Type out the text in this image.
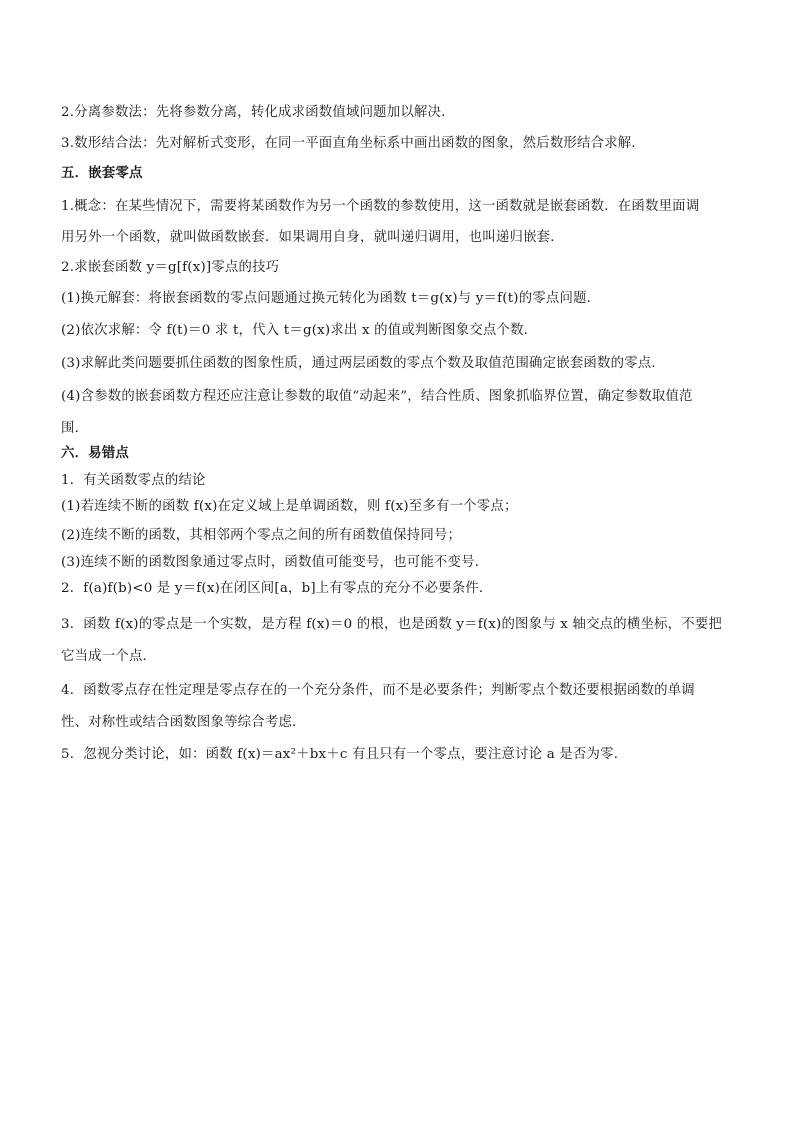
2.分离参数法：先将参数分离，转化成求函数值域问题加以解决．
3.数形结合法：先对解析式变形，在同一平面直角坐标系中画出函数的图象，然后数形结合求解．
五．嵌套零点
1.概念：在某些情况下，需要将某函数作为另一个函数的参数使用，这一函数就是嵌套函数．在函数里面调
用另外一个函数，就叫做函数嵌套．如果调用自身，就叫递归调用，也叫递归嵌套．
2.求嵌套函数 y＝g[f(x)]零点的技巧
(1)换元解套：将嵌套函数的零点问题通过换元转化为函数 t＝g(x)与 y＝f(t)的零点问题．
(2)依次求解：令 f(t)＝0 求 t，代入 t＝g(x)求出 x 的值或判断图象交点个数．
(3)求解此类问题要抓住函数的图象性质，通过两层函数的零点个数及取值范围确定嵌套函数的零点．
(4)含参数的嵌套函数方程还应注意让参数的取值“动起来”，结合性质、图象抓临界位置，确定参数取值范
围．
六．易错点
1．有关函数零点的结论
(1)若连续不断的函数 f(x)在定义域上是单调函数，则 f(x)至多有一个零点；
(2)连续不断的函数，其相邻两个零点之间的所有函数值保持同号；
(3)连续不断的函数图象通过零点时，函数值可能变号，也可能不变号．
2．f(a)f(b)<0 是 y＝f(x)在闭区间[a，b]上有零点的充分不必要条件．
3．函数 f(x)的零点是一个实数，是方程 f(x)＝0 的根，也是函数 y＝f(x)的图象与 x 轴交点的横坐标，不要把
它当成一个点．
4．函数零点存在性定理是零点存在的一个充分条件，而不是必要条件；判断零点个数还要根据函数的单调
性、对称性或结合函数图象等综合考虑．
5．忽视分类讨论，如：函数 f(x)＝ax²＋bx＋c 有且只有一个零点，要注意讨论 a 是否为零．
